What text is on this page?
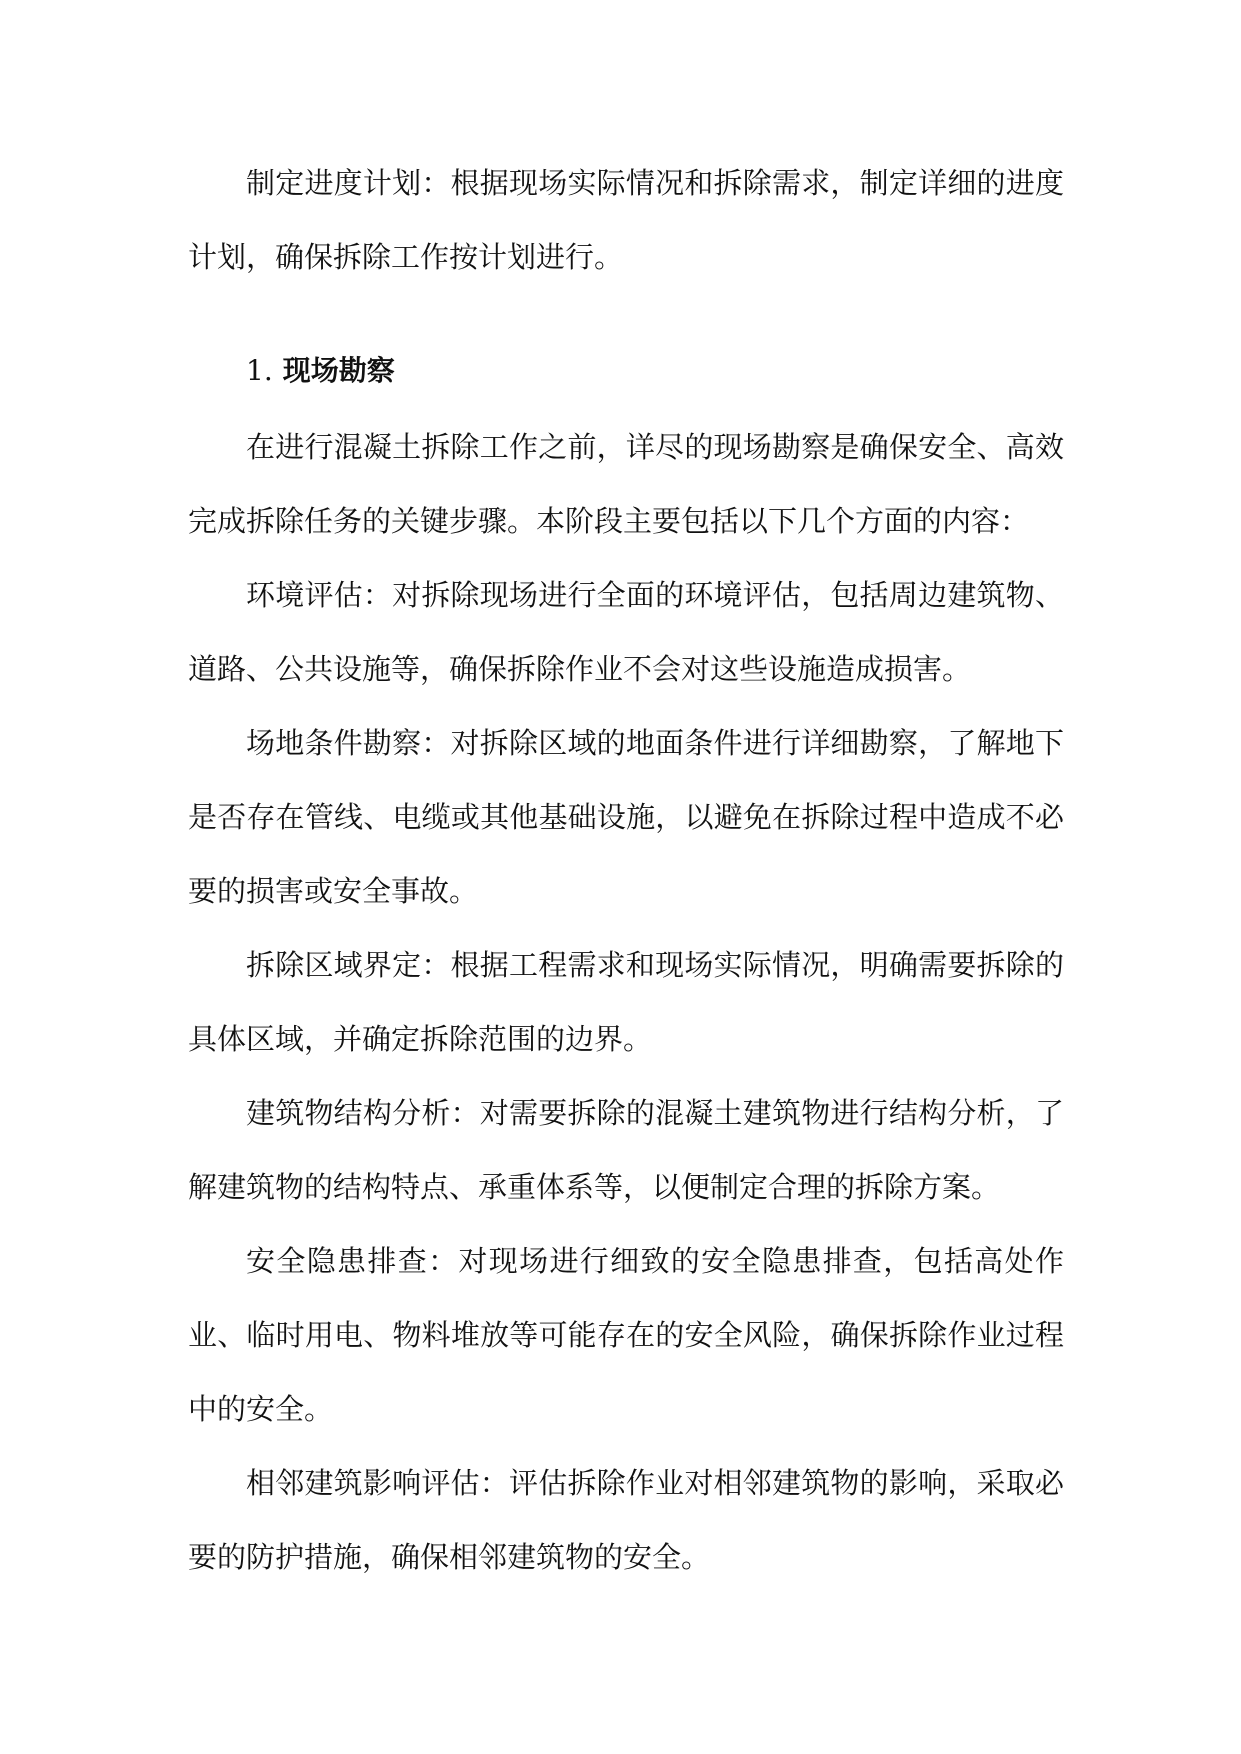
制定进度计划：根据现场实际情况和拆除需求，制定详细的进度计划，确保拆除工作按计划进行。

1. 现场勘察

在进行混凝土拆除工作之前，详尽的现场勘察是确保安全、高效完成拆除任务的关键步骤。本阶段主要包括以下几个方面的内容：

环境评估：对拆除现场进行全面的环境评估，包括周边建筑物、道路、公共设施等，确保拆除作业不会对这些设施造成损害。

场地条件勘察：对拆除区域的地面条件进行详细勘察，了解地下是否存在管线、电缆或其他基础设施，以避免在拆除过程中造成不必要的损害或安全事故。

拆除区域界定：根据工程需求和现场实际情况，明确需要拆除的具体区域，并确定拆除范围的边界。

建筑物结构分析：对需要拆除的混凝土建筑物进行结构分析，了解建筑物的结构特点、承重体系等，以便制定合理的拆除方案。

安全隐患排查：对现场进行细致的安全隐患排查，包括高处作业、临时用电、物料堆放等可能存在的安全风险，确保拆除作业过程中的安全。

相邻建筑影响评估：评估拆除作业对相邻建筑物的影响，采取必要的防护措施，确保相邻建筑物的安全。
